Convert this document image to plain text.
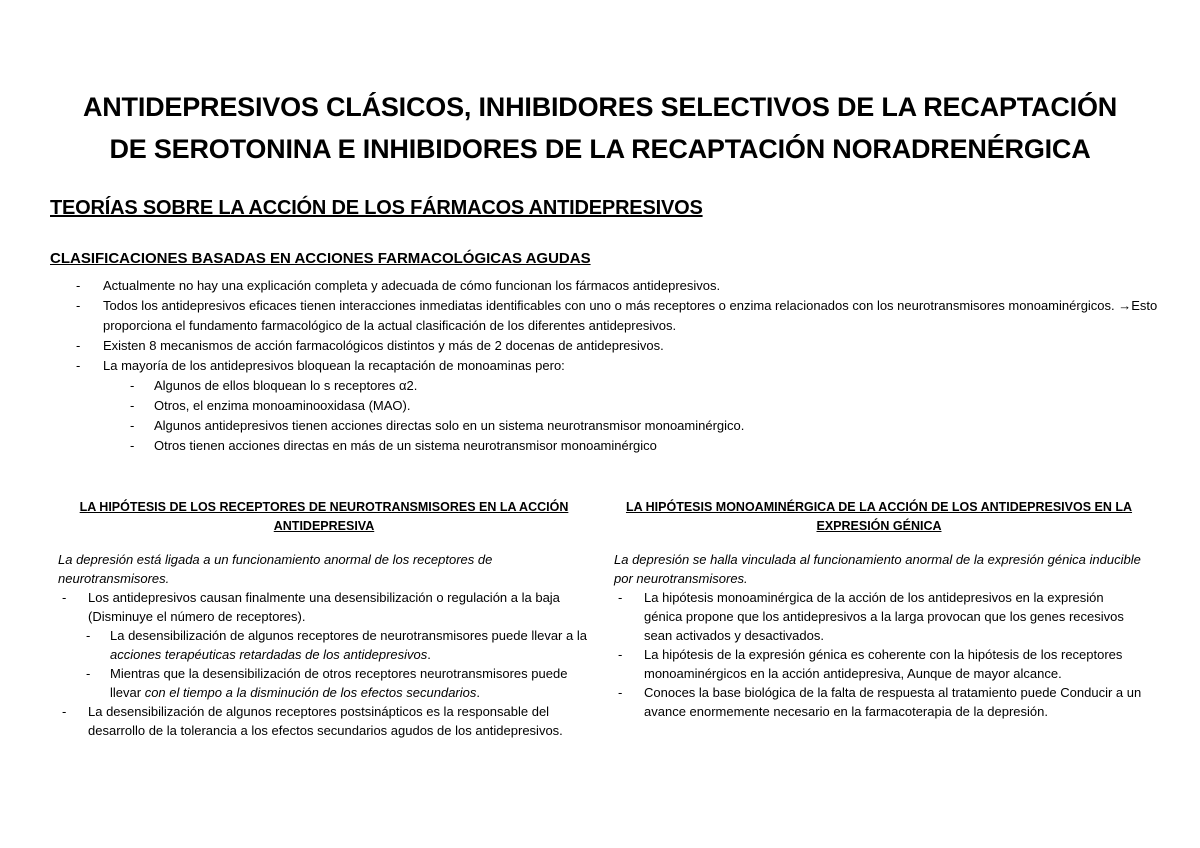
ANTIDEPRESIVOS CLÁSICOS, INHIBIDORES SELECTIVOS DE LA RECAPTACIÓN
DE SEROTONINA E INHIBIDORES DE LA RECAPTACIÓN NORADRENÉRGICA
TEORÍAS SOBRE LA ACCIÓN DE LOS FÁRMACOS ANTIDEPRESIVOS
CLASIFICACIONES BASADAS EN ACCIONES FARMACOLÓGICAS AGUDAS
- Actualmente no hay una explicación completa y adecuada de cómo funcionan los fármacos antidepresivos.
- Todos los antidepresivos eficaces tienen interacciones inmediatas identificables con uno o más receptores o enzima relacionados con los neurotransmisores monoaminérgicos. →Esto proporciona el fundamento farmacológico de la actual clasificación de los diferentes antidepresivos.
- Existen 8 mecanismos de acción farmacológicos distintos y más de 2 docenas de antidepresivos.
- La mayoría de los antidepresivos bloquean la recaptación de monoaminas pero:
- Algunos de ellos bloquean lo s receptores α2.
- Otros, el enzima monoaminooxidasa (MAO).
- Algunos antidepresivos tienen acciones directas solo en un sistema neurotransmisor monoaminérgico.
- Otros tienen acciones directas en más de un sistema neurotransmisor monoaminérgico
LA HIPÓTESIS DE LOS RECEPTORES DE NEUROTRANSMISORES EN LA ACCIÓN ANTIDEPRESIVA
La depresión está ligada a un funcionamiento anormal de los receptores de neurotransmisores.
- Los antidepresivos causan finalmente una desensibilización o regulación a la baja (Disminuye el número de receptores).
- La desensibilización de algunos receptores de neurotransmisores puede llevar a la acciones terapéuticas retardadas de los antidepresivos.
- Mientras que la desensibilización de otros receptores neurotransmisores puede llevar con el tiempo a la disminución de los efectos secundarios.
- La desensibilización de algunos receptores postsinápticos es la responsable del desarrollo de la tolerancia a los efectos secundarios agudos de los antidepresivos.
LA HIPÓTESIS MONOAMINÉRGICA DE LA ACCIÓN DE LOS ANTIDEPRESIVOS EN LA EXPRESIÓN GÉNICA
La depresión se halla vinculada al funcionamiento anormal de la expresión génica inducible por neurotransmisores.
- La hipótesis monoaminérgica de la acción de los antidepresivos en la expresión génica propone que los antidepresivos a la larga provocan que los genes recesivos sean activados y desactivados.
- La hipótesis de la expresión génica es coherente con la hipótesis de los receptores monoaminérgicos en la acción antidepresiva, Aunque de mayor alcance.
- Conoces la base biológica de la falta de respuesta al tratamiento puede Conducir a un avance enormemente necesario en la farmacoterapia de la depresión.
